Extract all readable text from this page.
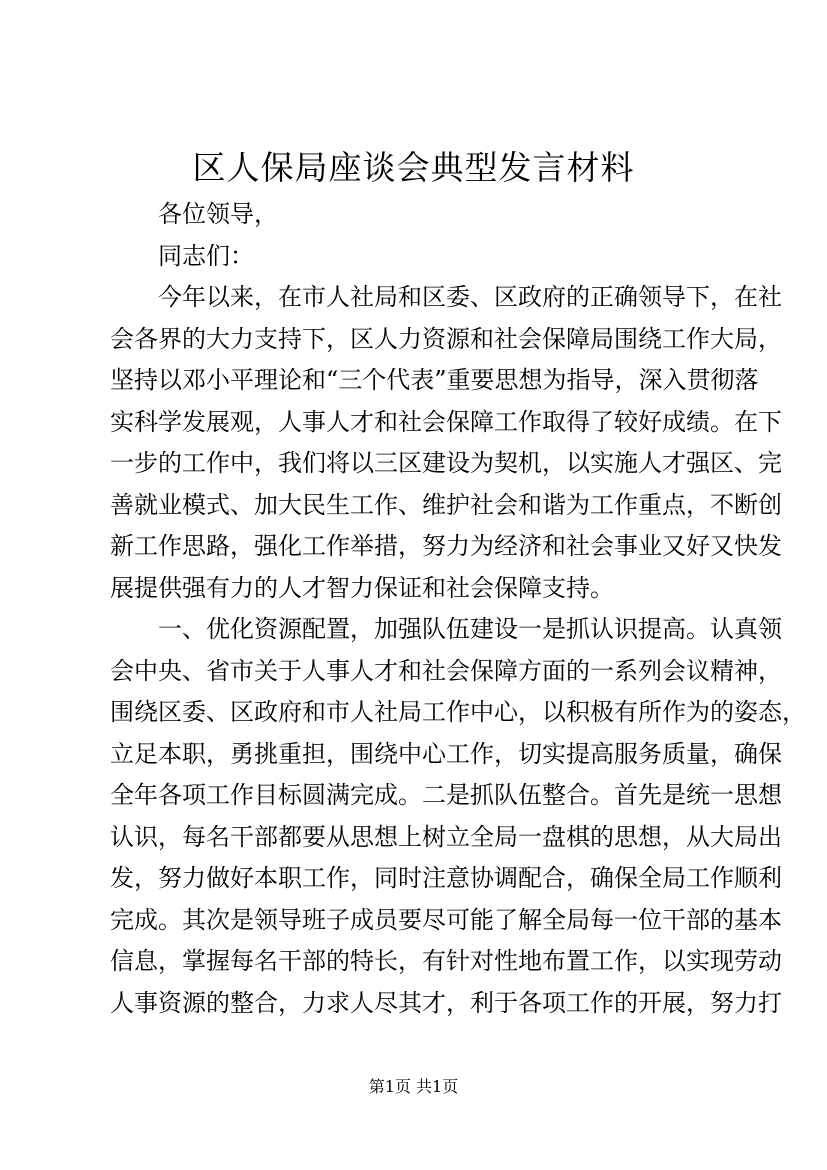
区人保局座谈会典型发言材料
各位领导，
同志们：
今年以来，在市人社局和区委、区政府的正确领导下，在社
会各界的大力支持下，区人力资源和社会保障局围绕工作大局，
坚持以邓小平理论和“三个代表”重要思想为指导，深入贯彻落
实科学发展观，人事人才和社会保障工作取得了较好成绩。在下
一步的工作中，我们将以三区建设为契机，以实施人才强区、完
善就业模式、加大民生工作、维护社会和谐为工作重点，不断创
新工作思路，强化工作举措，努力为经济和社会事业又好又快发
展提供强有力的人才智力保证和社会保障支持。
一、优化资源配置，加强队伍建设一是抓认识提高。认真领
会中央、省市关于人事人才和社会保障方面的一系列会议精神，
围绕区委、区政府和市人社局工作中心，以积极有所作为的姿态，
立足本职，勇挑重担，围绕中心工作，切实提高服务质量，确保
全年各项工作目标圆满完成。二是抓队伍整合。首先是统一思想
认识，每名干部都要从思想上树立全局一盘棋的思想，从大局出
发，努力做好本职工作，同时注意协调配合，确保全局工作顺利
完成。其次是领导班子成员要尽可能了解全局每一位干部的基本
信息，掌握每名干部的特长，有针对性地布置工作，以实现劳动
人事资源的整合，力求人尽其才，利于各项工作的开展，努力打
第1页 共1页
